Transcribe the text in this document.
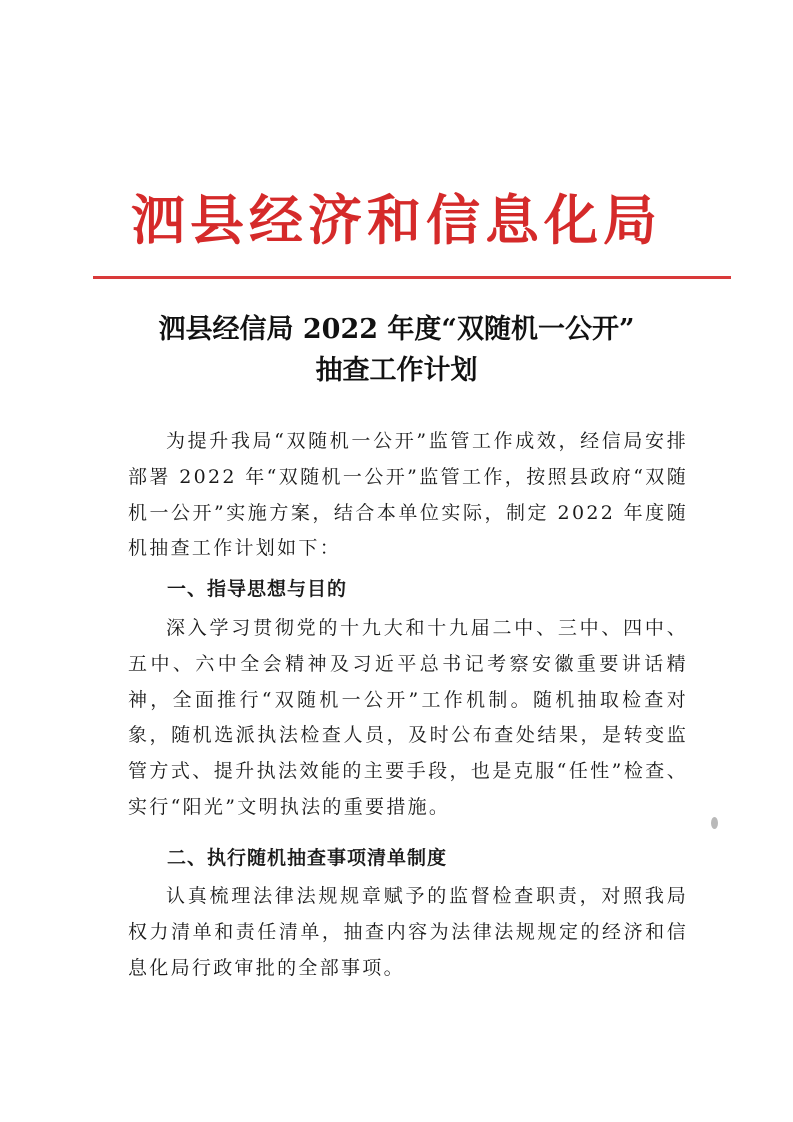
泗县经济和信息化局
泗县经信局 2022 年度“双随机一公开”
抽查工作计划

为提升我局“双随机一公开”监管工作成效，经信局安排部署 2022 年“双随机一公开”监管工作，按照县政府“双随机一公开”实施方案，结合本单位实际，制定 2022 年度随机抽查工作计划如下：

一、指导思想与目的

深入学习贯彻党的十九大和十九届二中、三中、四中、五中、六中全会精神及习近平总书记考察安徽重要讲话精神，全面推行“双随机一公开”工作机制。随机抽取检查对象，随机选派执法检查人员，及时公布查处结果，是转变监管方式、提升执法效能的主要手段，也是克服“任性”检查、实行“阳光”文明执法的重要措施。

二、执行随机抽查事项清单制度

认真梳理法律法规规章赋予的监督检查职责，对照我局权力清单和责任清单，抽查内容为法律法规规定的经济和信息化局行政审批的全部事项。
